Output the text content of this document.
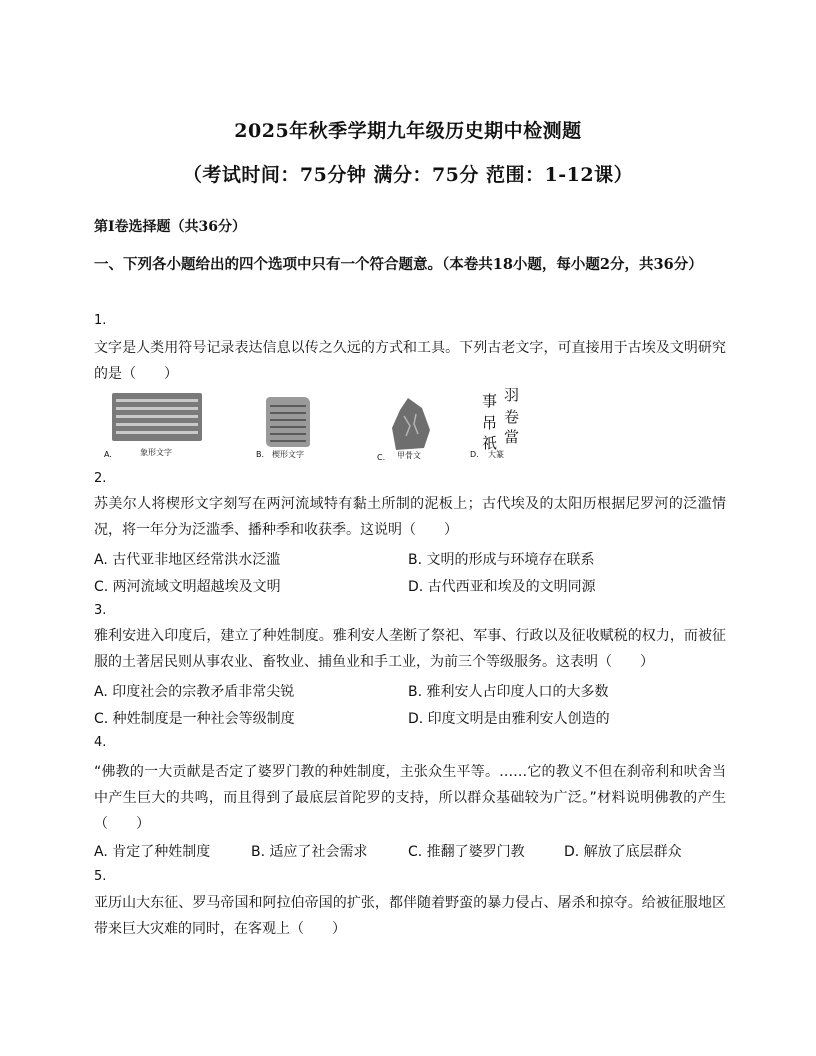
2025年秋季学期九年级历史期中检测题
（考试时间：75分钟 满分：75分 范围：1-12课）
第Ⅰ卷选择题（共36分）
一、下列各小题给出的四个选项中只有一个符合题意。（本卷共18小题，每小题2分，共36分）
1.
文字是人类用符号记录表达信息以传之久远的方式和工具。下列古老文字，可直接用于古埃及文明研究的是（　　）
A.	象形文字	B. 楔形文字	C. 甲骨文
事 羽
吊 卷
祇 當
D. 大篆
2.
苏美尔人将楔形文字刻写在两河流域特有黏土所制的泥板上；古代埃及的太阳历根据尼罗河的泛滥情况，将一年分为泛滥季、播种季和收获季。这说明（　　）
A. 古代亚非地区经常洪水泛滥	B. 文明的形成与环境存在联系
C. 两河流域文明超越埃及文明	D. 古代西亚和埃及的文明同源
3.
雅利安进入印度后，建立了种姓制度。雅利安人垄断了祭祀、军事、行政以及征收赋税的权力，而被征服的土著居民则从事农业、畜牧业、捕鱼业和手工业，为前三个等级服务。这表明（　　）
A. 印度社会的宗教矛盾非常尖锐	B. 雅利安人占印度人口的大多数
C. 种姓制度是一种社会等级制度	D. 印度文明是由雅利安人创造的
4.
“佛教的一大贡献是否定了婆罗门教的种姓制度，主张众生平等。……它的教义不但在刹帝利和吠舍当中产生巨大的共鸣，而且得到了最底层首陀罗的支持，所以群众基础较为广泛。”材料说明佛教的产生（　　）
A. 肯定了种姓制度	B. 适应了社会需求	C. 推翻了婆罗门教	D. 解放了底层群众
5.
亚历山大东征、罗马帝国和阿拉伯帝国的扩张，都伴随着野蛮的暴力侵占、屠杀和掠夺。给被征服地区带来巨大灾难的同时，在客观上（　　）
